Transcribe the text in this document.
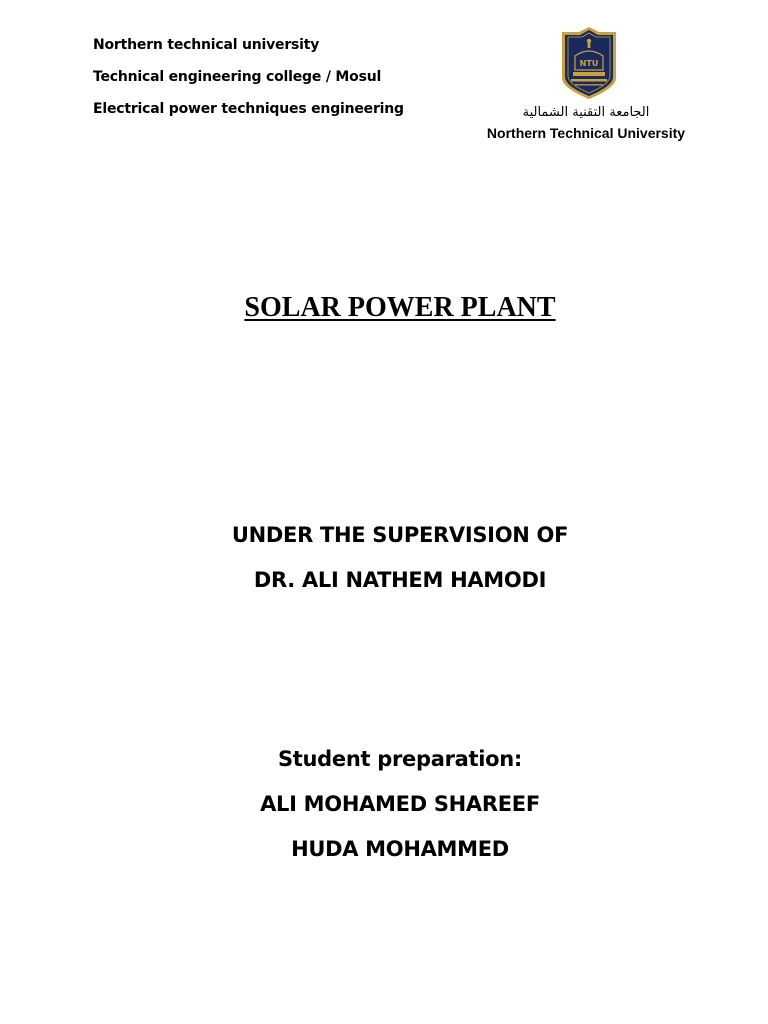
Northern technical university
Technical engineering college / Mosul
Electrical power techniques engineering
NTU
الجامعة التقنية الشمالية
Northern Technical University
SOLAR POWER PLANT
UNDER THE SUPERVISION OF
DR. ALI NATHEM HAMODI
Student preparation:
ALI MOHAMED SHAREEF
HUDA MOHAMMED
